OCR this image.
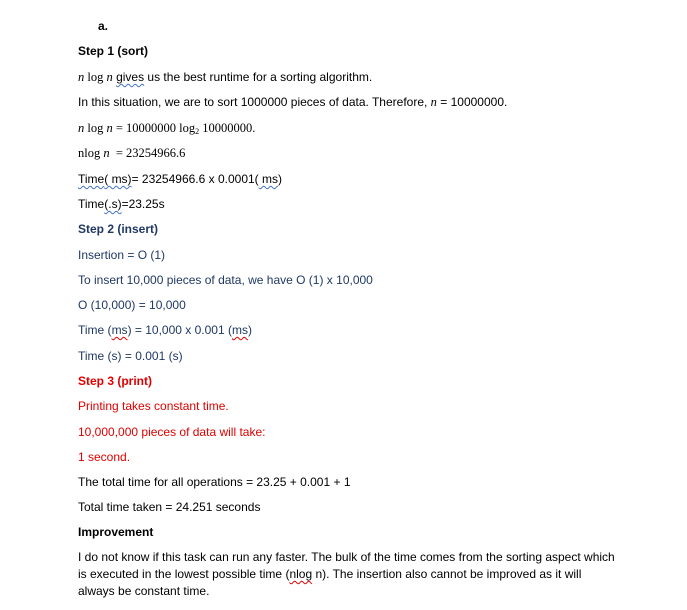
a.
Step 1 (sort)
n log n gives us the best runtime for a sorting algorithm.
In this situation, we are to sort 1000000 pieces of data. Therefore, n = 10000000.
n log n = 10000000 $\log_2 10000000$.
nlog n  = 23254966.6
Time( ms)= 23254966.6 x 0.0001( ms)
Time(.s)=23.25s
Step 2 (insert)
Insertion = O (1)
To insert 10,000 pieces of data, we have O (1) x 10,000
O (10,000) = 10,000
Time (ms) = 10,000 x 0.001 (ms)
Time (s) = 0.001 (s)
Step 3 (print)
Printing takes constant time.
10,000,000 pieces of data will take:
1 second.
The total time for all operations = 23.25 + 0.001 + 1
Total time taken = 24.251 seconds
Improvement
I do not know if this task can run any faster. The bulk of the time comes from the sorting aspect which is executed in the lowest possible time (nlog n). The insertion also cannot be improved as it will always be constant time.
